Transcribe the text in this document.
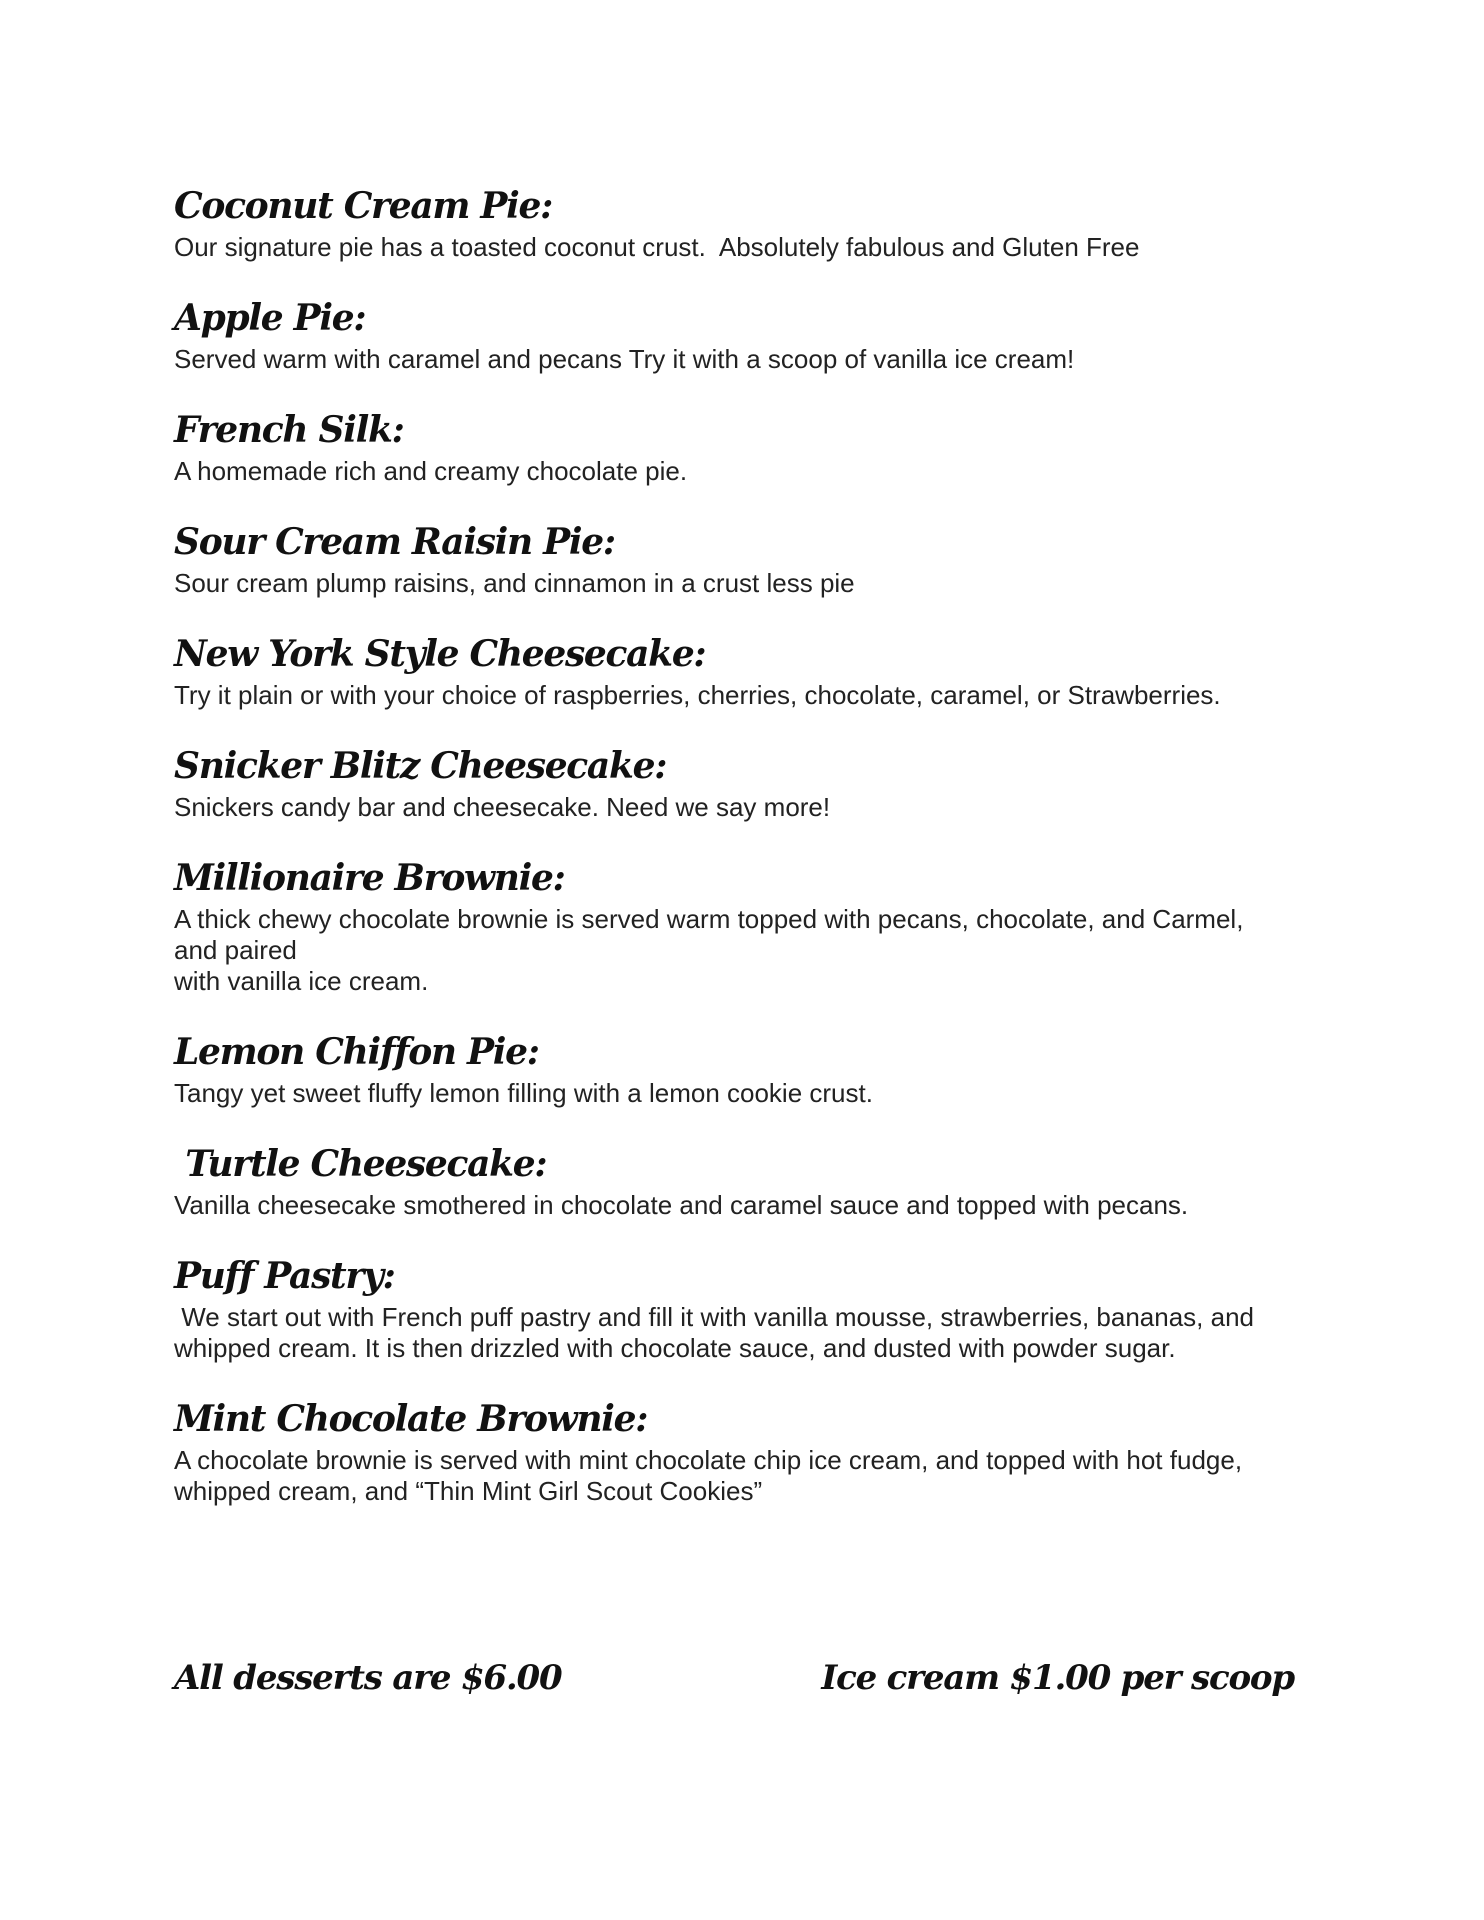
Coconut Cream Pie:

Our signature pie has a toasted coconut crust.  Absolutely fabulous and Gluten Free

Apple Pie:

Served warm with caramel and pecans Try it with a scoop of vanilla ice cream!

French Silk:

A homemade rich and creamy chocolate pie.

Sour Cream Raisin Pie:

Sour cream plump raisins, and cinnamon in a crust less pie

New York Style Cheesecake:

Try it plain or with your choice of raspberries, cherries, chocolate, caramel, or Strawberries.

Snicker Blitz Cheesecake:

Snickers candy bar and cheesecake. Need we say more!

Millionaire Brownie:

A thick chewy chocolate brownie is served warm topped with pecans, chocolate, and Carmel, and paired
with vanilla ice cream.

Lemon Chiffon Pie:

Tangy yet sweet fluffy lemon filling with a lemon cookie crust.

Turtle Cheesecake:

Vanilla cheesecake smothered in chocolate and caramel sauce and topped with pecans.

Puff Pastry:

We start out with French puff pastry and fill it with vanilla mousse, strawberries, bananas, and whipped cream. It is then drizzled with chocolate sauce, and dusted with powder sugar.

Mint Chocolate Brownie:

A chocolate brownie is served with mint chocolate chip ice cream, and topped with hot fudge, whipped cream, and “Thin Mint Girl Scout Cookies”

All desserts are $6.00	Ice cream $1.00 per scoop
